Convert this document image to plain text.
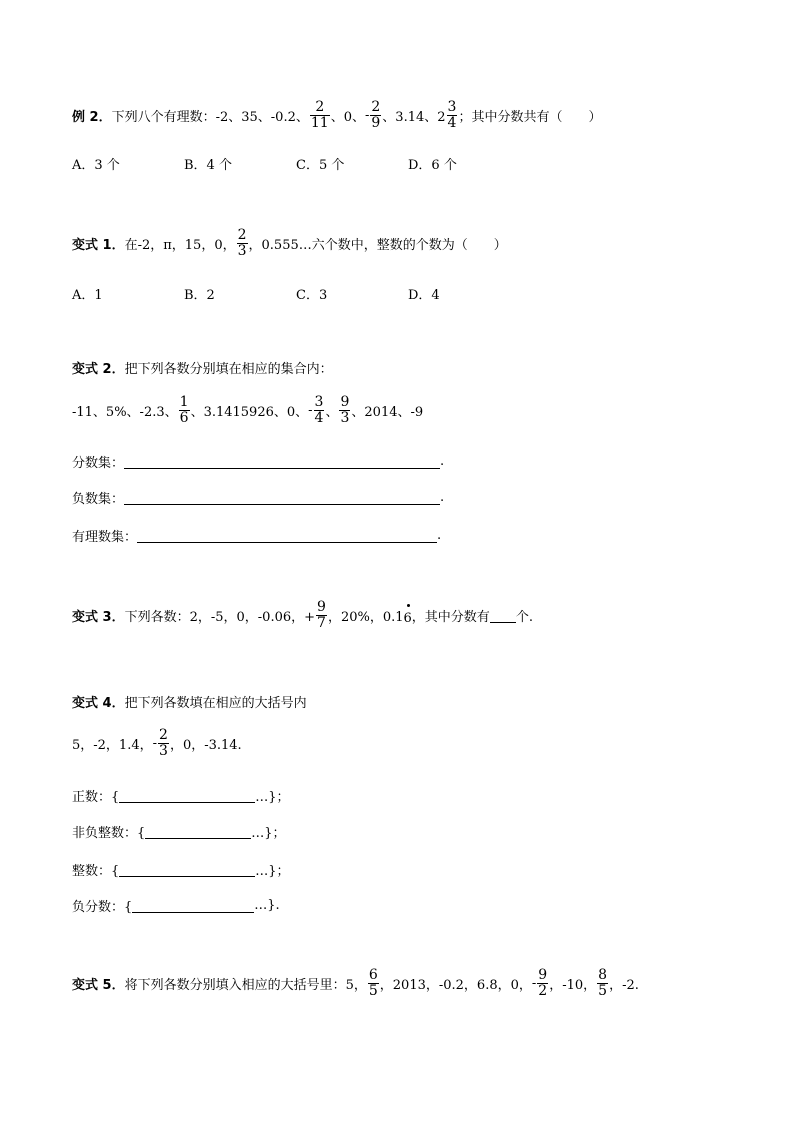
例 2． 下列八个有理数：-2、35、-0.2、 $\frac{2}{11}$ 、0、 - $\frac{2}{9}$ 、3.14、$2 \frac{3}{4}$ ；其中分数共有（　　）
A．3 个	B．4 个	C．5 个	D．6 个
变式 1． 在-2，π，15，0， $\frac{2}{3}$ ，0.555…六个数中，整数的个数为（　　）
A．1	B．2	C．3	D．4
变式 2． 把下列各数分别填在相应的集合内：
-11、5%、-2.3、 $\frac{1}{6}$ 、3.1415926、0、 - $\frac{3}{4}$ 、 $\frac{9}{3}$ 、2014、-9
分数集：	.
负数集：	.
有理数集：	.
变式 3． 下列各数：2，-5，0，-0.06，+ $\frac{9}{7}$ ，20%，0.1 6 ，其中分数有 个.
变式 4． 把下列各数填在相应的大括号内
5，-2，1.4， - $\frac{2}{3}$ ，0，-3.14.
正数：{	…}；
非负整数：{	…}；
整数：{	…}；
负分数：{	…}.
变式 5． 将下列各数分别填入相应的大括号里：5， $\frac{6}{5}$ ，2013，-0.2，6.8，0， - $\frac{9}{2}$ ，-10， $\frac{8}{5}$ ，-2.
